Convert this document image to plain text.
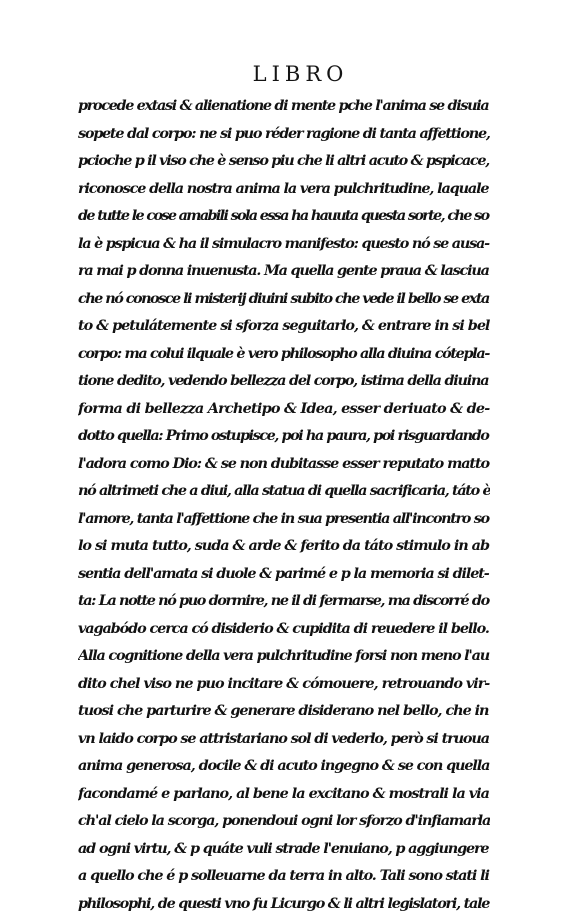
LIBRO
procede extasi & alienatione di mente pche l'anima se disuia
sopete dal corpo: ne si puo réder ragione di tanta affettione,
pcioche p il viso che è senso piu che li altri acuto & pspicace,
riconosce della nostra anima la vera pulchritudine, laquale
de tutte le cose amabili sola essa ha hauuta questa sorte, che so
la è pspicua & ha il simulacro manifesto: questo nó se ausa-
ra mai p donna inuenusta. Ma quella gente praua & lasciua
che nó conosce li misterij diuini subito che vede il bello se exta
to & petulátemente si sforza seguitarlo, & entrare in si bel
corpo: ma colui ilquale è vero philosopho alla diuina cótepla-
tione dedito, vedendo bellezza del corpo, istima della diuina
forma di bellezza Archetipo & Idea, esser deriuato & de-
dotto quella: Primo ostupisce, poi ha paura, poi risguardando
l'adora como Dio: & se non dubitasse esser reputato matto
nó altrimeti che a diui, alla statua di quella sacrificaria, táto è
l'amore, tanta l'affettione che in sua presentia all'incontro so
lo si muta tutto, suda & arde & ferito da táto stimulo in ab
sentia dell'amata si duole & parimé e p la memoria si dilet-
ta: La notte nó puo dormire, ne il di fermarse, ma discorré do
vagabódo cerca có disiderio & cupidita di reuedere il bello.
Alla cognitione della vera pulchritudine forsi non meno l'au
dito chel viso ne puo incitare & cómouere, retrouando vir-
tuosi che parturire & generare disiderano nel bello, che in
vn laido corpo se attristariano sol di vederlo, però si truoua
anima generosa, docile & di acuto ingegno & se con quella
facondamé e parlano, al bene la excitano & mostrali la via
ch'al cielo la scorga, ponendoui ogni lor sforzo d'infiamarla
ad ogni virtu, & p quáte vuli strade l'enuiano, p aggiungere
a quello che é p solleuarne da terra in alto. Tali sono stati li
philosophi, de questi vno fu Licurgo & li altri legislatori, tale
